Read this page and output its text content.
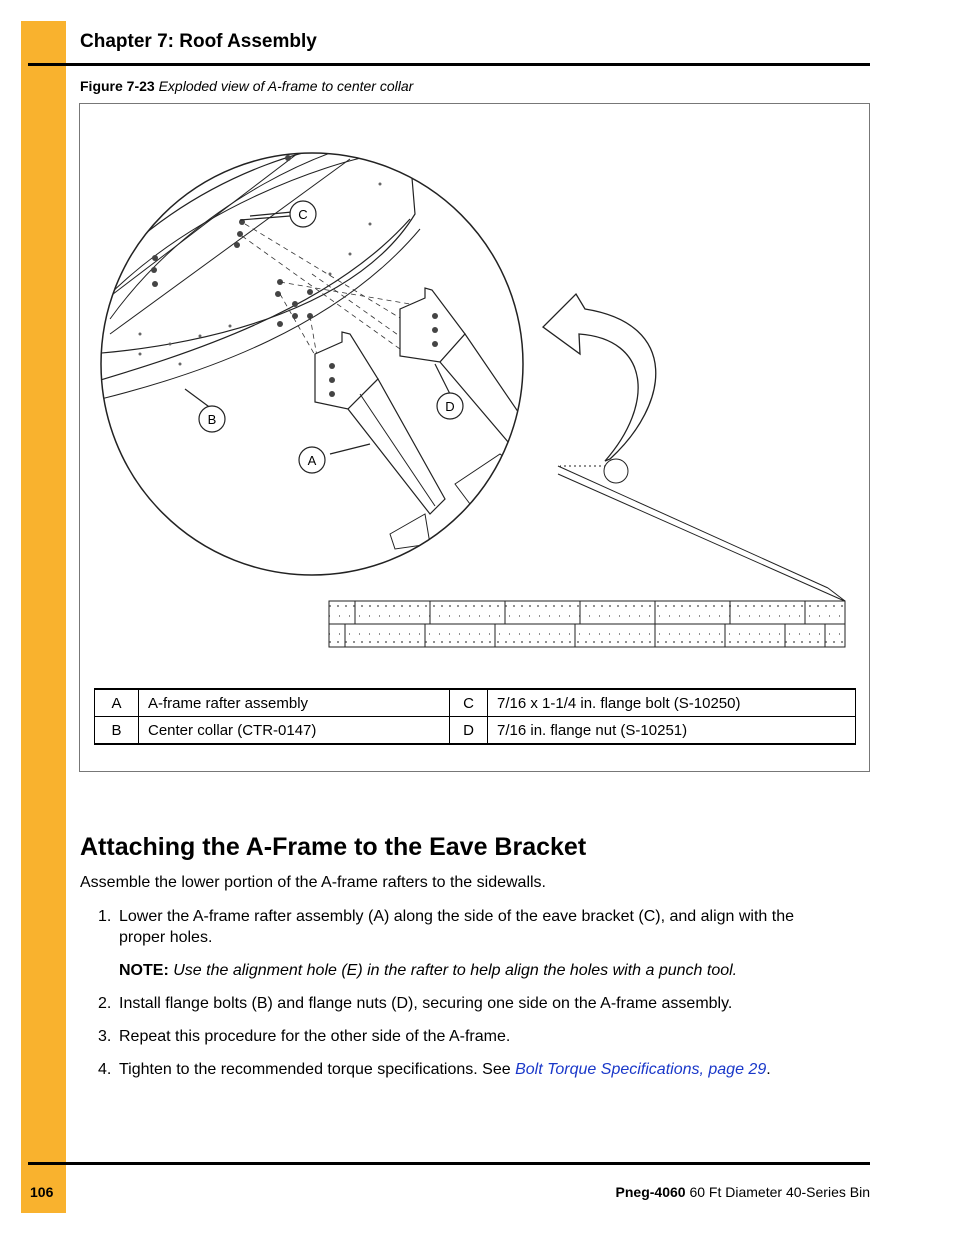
Chapter 7: Roof Assembly
Figure 7-23 Exploded view of A-frame to center collar
C
B
D
A
A	A-frame rafter assembly	C	7/16 x 1-1/4 in. flange bolt (S-10250)
B	Center collar (CTR-0147)	D	7/16 in. flange nut (S-10251)
Attaching the A-Frame to the Eave Bracket
Assemble the lower portion of the A-frame rafters to the sidewalls.
1. Lower the A-frame rafter assembly (A) along the side of the eave bracket (C), and align with the proper holes.
NOTE: Use the alignment hole (E) in the rafter to help align the holes with a punch tool.
2. Install flange bolts (B) and flange nuts (D), securing one side on the A-frame assembly.
3. Repeat this procedure for the other side of the A-frame.
4. Tighten to the recommended torque specifications. See Bolt Torque Specifications, page 29.
106	Pneg-4060 60 Ft Diameter 40-Series Bin
